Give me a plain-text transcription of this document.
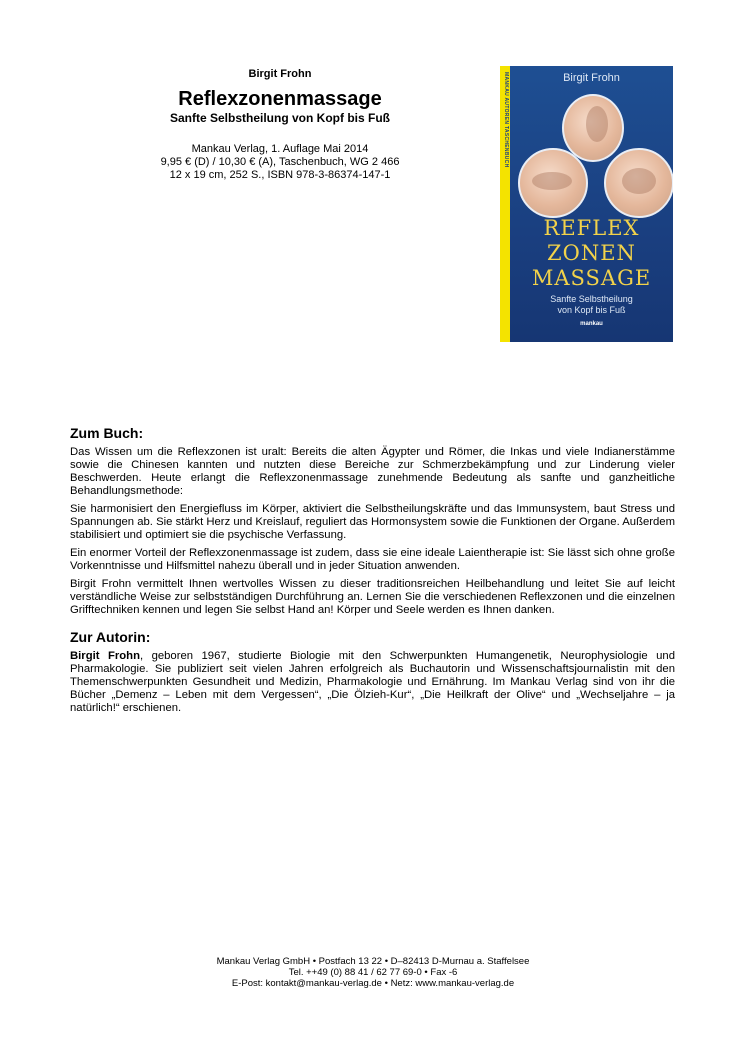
Birgit Frohn
Reflexzonenmassage
Sanfte Selbstheilung von Kopf bis Fuß
Mankau Verlag, 1. Auflage Mai 2014
9,95 € (D) / 10,30 € (A), Taschenbuch, WG 2 466
12 x 19 cm, 252 S., ISBN 978-3-86374-147-1
MANKAU AUTOREN TASCHENBUCH	Birgit Frohn
REFLEX
ZONEN
MASSAGE
Sanfte Selbstheilung
von Kopf bis Fuß
mankau
Zum Buch:

Das Wissen um die Reflexzonen ist uralt: Bereits die alten Ägypter und Römer, die Inkas und viele Indianerstämme sowie die Chinesen kannten und nutzten diese Bereiche zur Schmerzbekämpfung und zur Linderung vieler Beschwerden. Heute erlangt die Reflexzonenmassage zunehmende Bedeutung als sanfte und ganzheitliche Behandlungsmethode:

Sie harmonisiert den Energiefluss im Körper, aktiviert die Selbstheilungskräfte und das Immunsystem, baut Stress und Spannungen ab. Sie stärkt Herz und Kreislauf, reguliert das Hormonsystem sowie die Funktionen der Organe. Außerdem stabilisiert und optimiert sie die psychische Verfassung.

Ein enormer Vorteil der Reflexzonenmassage ist zudem, dass sie eine ideale Laientherapie ist: Sie lässt sich ohne große Vorkenntnisse und Hilfsmittel nahezu überall und in jeder Situation anwenden.

Birgit Frohn vermittelt Ihnen wertvolles Wissen zu dieser traditionsreichen Heilbehandlung und leitet Sie auf leicht verständliche Weise zur selbstständigen Durchführung an. Lernen Sie die verschiedenen Reflexzonen und die einzelnen Grifftechniken kennen und legen Sie selbst Hand an! Körper und Seele werden es Ihnen danken.

Zur Autorin:

Birgit Frohn, geboren 1967, studierte Biologie mit den Schwerpunkten Humangenetik, Neurophysiologie und Pharmakologie. Sie publiziert seit vielen Jahren erfolgreich als Buchautorin und Wissenschaftsjournalistin mit den Themenschwerpunkten Gesundheit und Medizin, Pharmakologie und Ernährung. Im Mankau Verlag sind von ihr die Bücher „Demenz – Leben mit dem Vergessen“, „Die Ölzieh-Kur“, „Die Heilkraft der Olive“ und „Wechseljahre – ja natürlich!“ erschienen.

Mankau Verlag GmbH • Postfach 13 22 • D–82413 D-Murnau a. Staffelsee
Tel. ++49 (0) 88 41 / 62 77 69-0 • Fax -6
E-Post: kontakt@mankau-verlag.de • Netz: www.mankau-verlag.de
